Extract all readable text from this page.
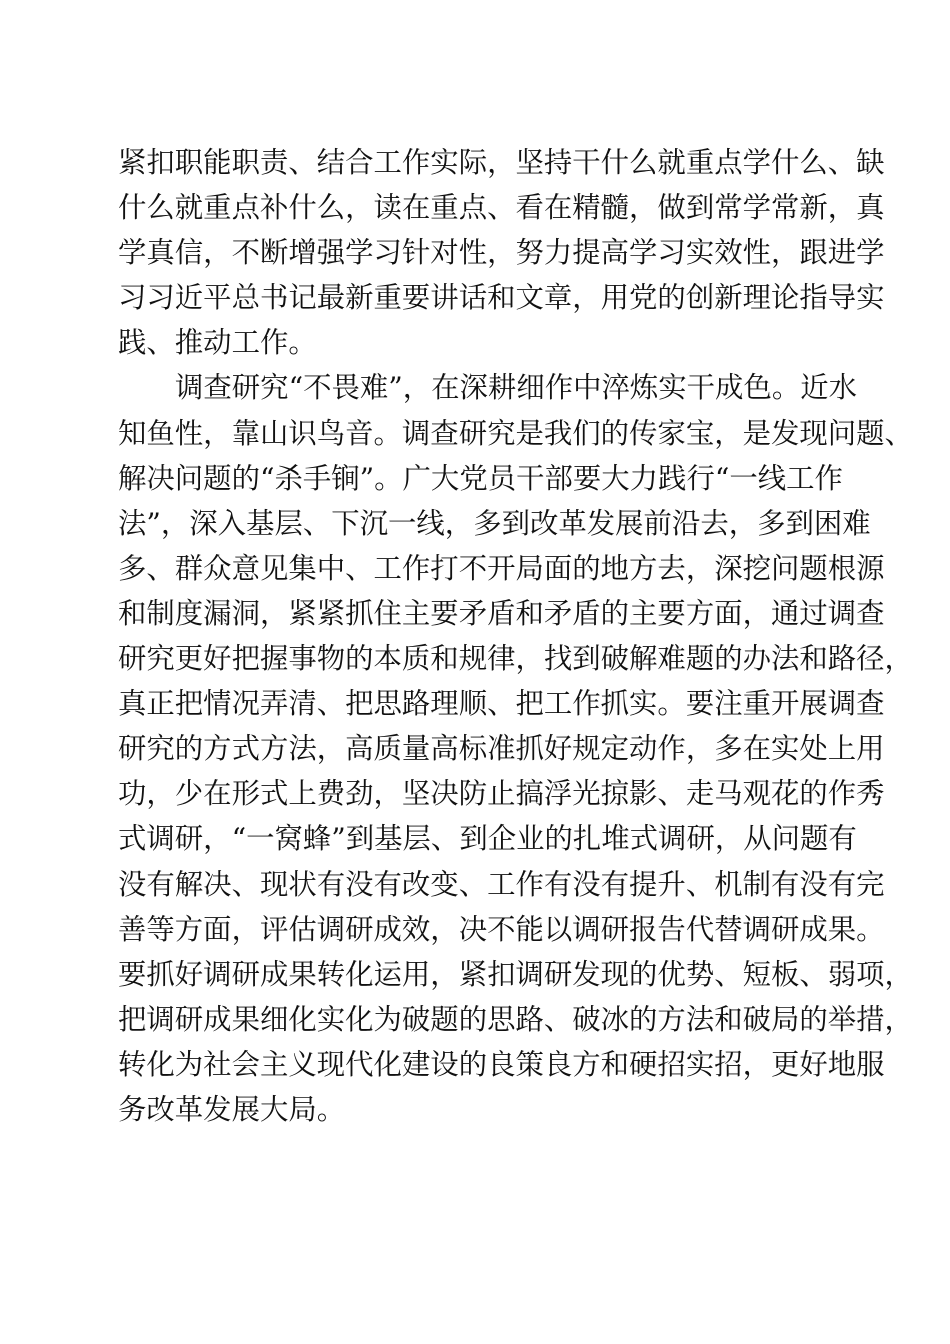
紧扣职能职责、结合工作实际，坚持干什么就重点学什么、缺
什么就重点补什么，读在重点、看在精髓，做到常学常新，真
学真信，不断增强学习针对性，努力提高学习实效性，跟进学
习习近平总书记最新重要讲话和文章，用党的创新理论指导实
践、推动工作。
调查研究“不畏难”，在深耕细作中淬炼实干成色。近水
知鱼性，靠山识鸟音。调查研究是我们的传家宝，是发现问题、
解决问题的“杀手锏”。广大党员干部要大力践行“一线工作
法”，深入基层、下沉一线，多到改革发展前沿去，多到困难
多、群众意见集中、工作打不开局面的地方去，深挖问题根源
和制度漏洞，紧紧抓住主要矛盾和矛盾的主要方面，通过调查
研究更好把握事物的本质和规律，找到破解难题的办法和路径，
真正把情况弄清、把思路理顺、把工作抓实。要注重开展调查
研究的方式方法，高质量高标准抓好规定动作，多在实处上用
功，少在形式上费劲，坚决防止搞浮光掠影、走马观花的作秀
式调研，“一窝蜂”到基层、到企业的扎堆式调研，从问题有
没有解决、现状有没有改变、工作有没有提升、机制有没有完
善等方面，评估调研成效，决不能以调研报告代替调研成果。
要抓好调研成果转化运用，紧扣调研发现的优势、短板、弱项，
把调研成果细化实化为破题的思路、破冰的方法和破局的举措，
转化为社会主义现代化建设的良策良方和硬招实招，更好地服
务改革发展大局。
